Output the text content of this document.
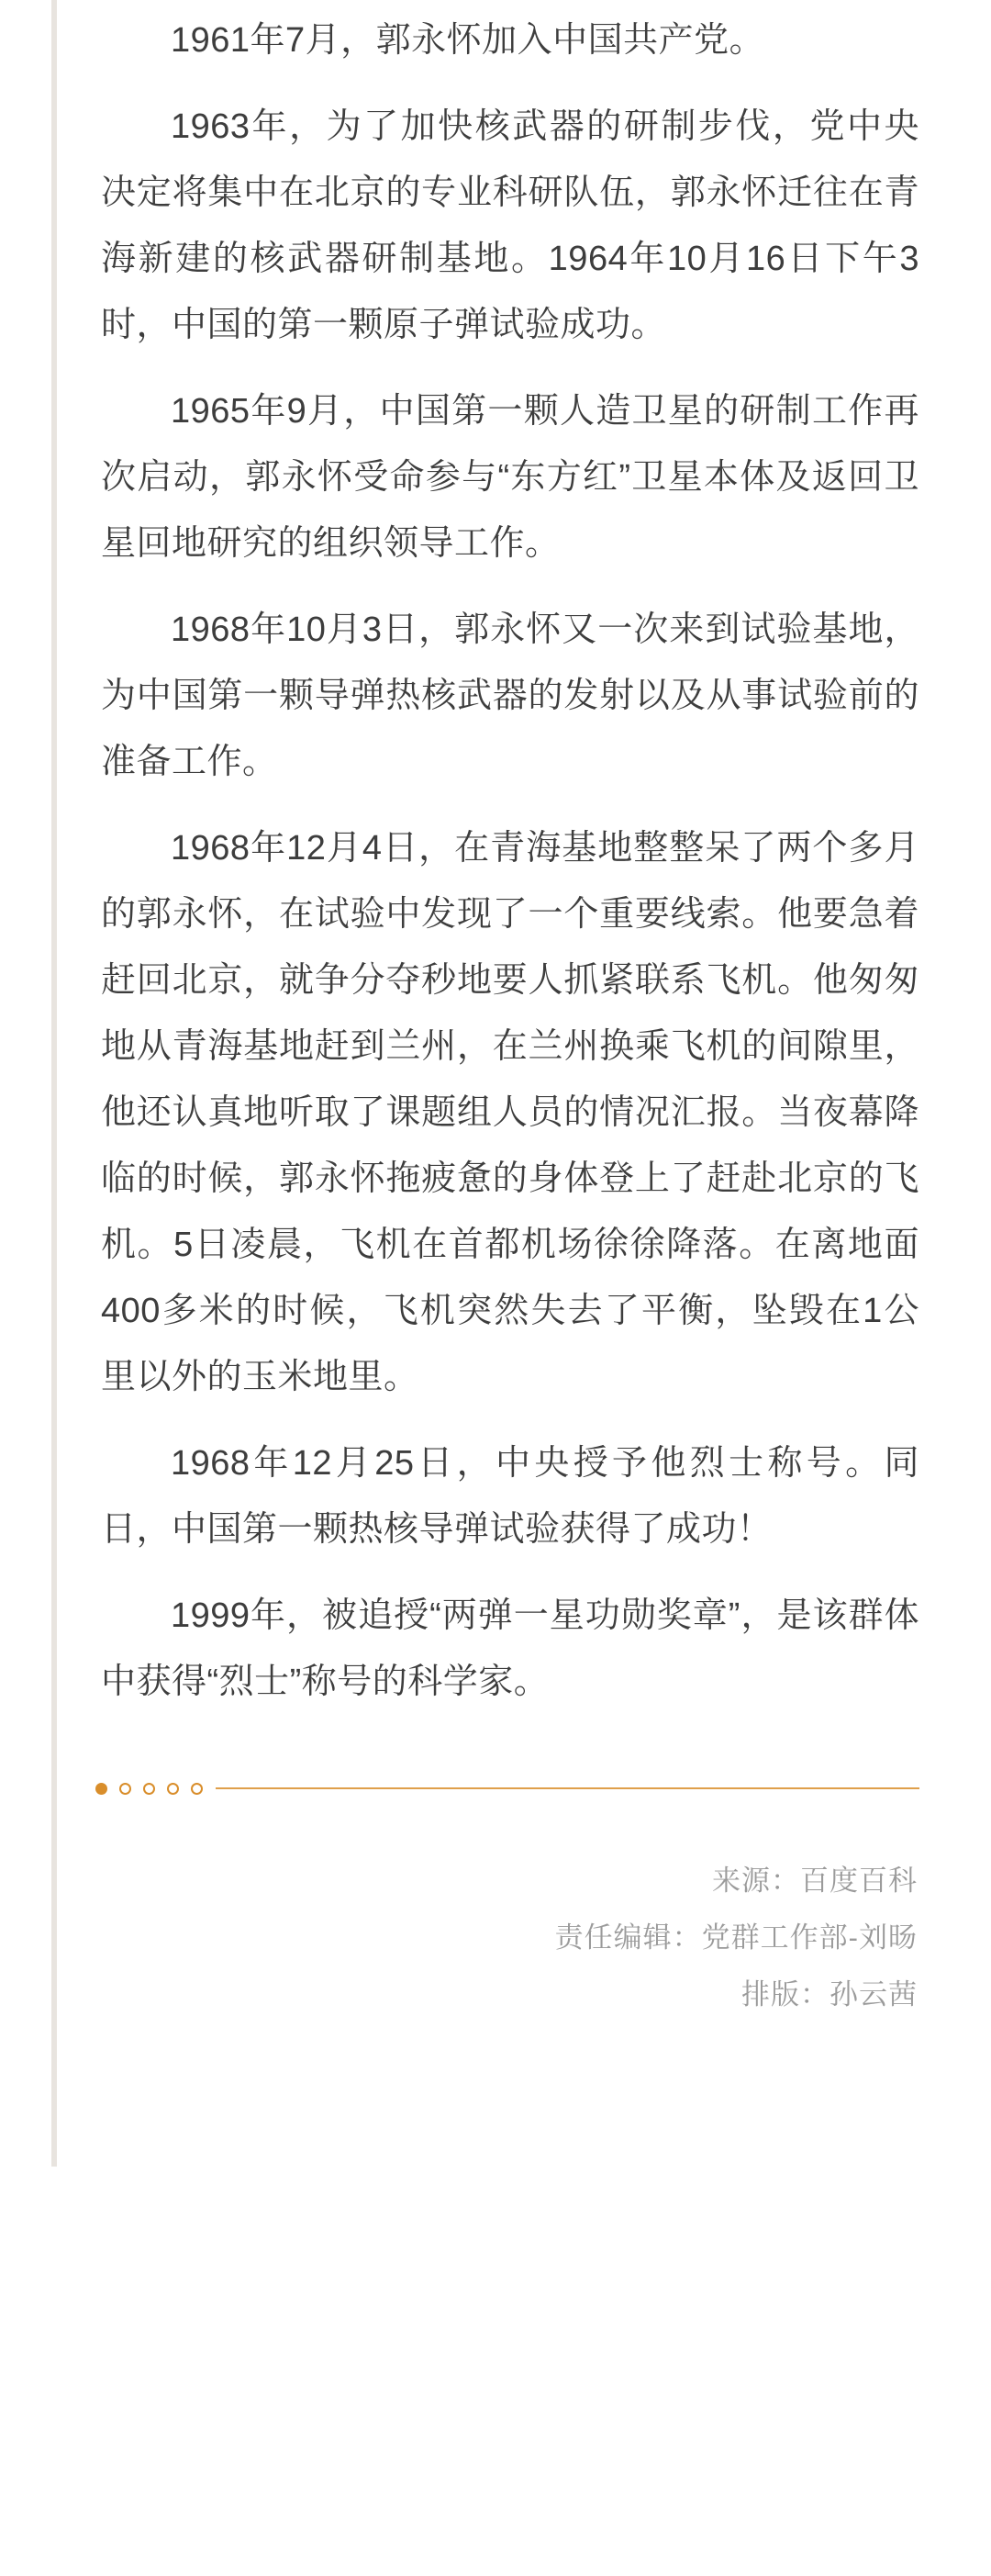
1961年7月，郭永怀加入中国共产党。

1963年，为了加快核武器的研制步伐，党中央决定将集中在北京的专业科研队伍，郭永怀迁往在青海新建的核武器研制基地。1964年10月16日下午3时，中国的第一颗原子弹试验成功。

1965年9月，中国第一颗人造卫星的研制工作再次启动，郭永怀受命参与“东方红”卫星本体及返回卫星回地研究的组织领导工作。

1968年10月3日，郭永怀又一次来到试验基地，为中国第一颗导弹热核武器的发射以及从事试验前的准备工作。

1968年12月4日，在青海基地整整呆了两个多月的郭永怀，在试验中发现了一个重要线索。他要急着赶回北京，就争分夺秒地要人抓紧联系飞机。他匆匆地从青海基地赶到兰州，在兰州换乘飞机的间隙里，他还认真地听取了课题组人员的情况汇报。当夜幕降临的时候，郭永怀拖疲惫的身体登上了赶赴北京的飞机。5日凌晨，飞机在首都机场徐徐降落。在离地面400多米的时候，飞机突然失去了平衡，坠毁在1公里以外的玉米地里。

1968年12月25日，中央授予他烈士称号。同日，中国第一颗热核导弹试验获得了成功！

1999年，被追授“两弹一星功勋奖章”，是该群体中获得“烈士”称号的科学家。

来源：百度百科
责任编辑：党群工作部-刘旸
排版：孙云茜
